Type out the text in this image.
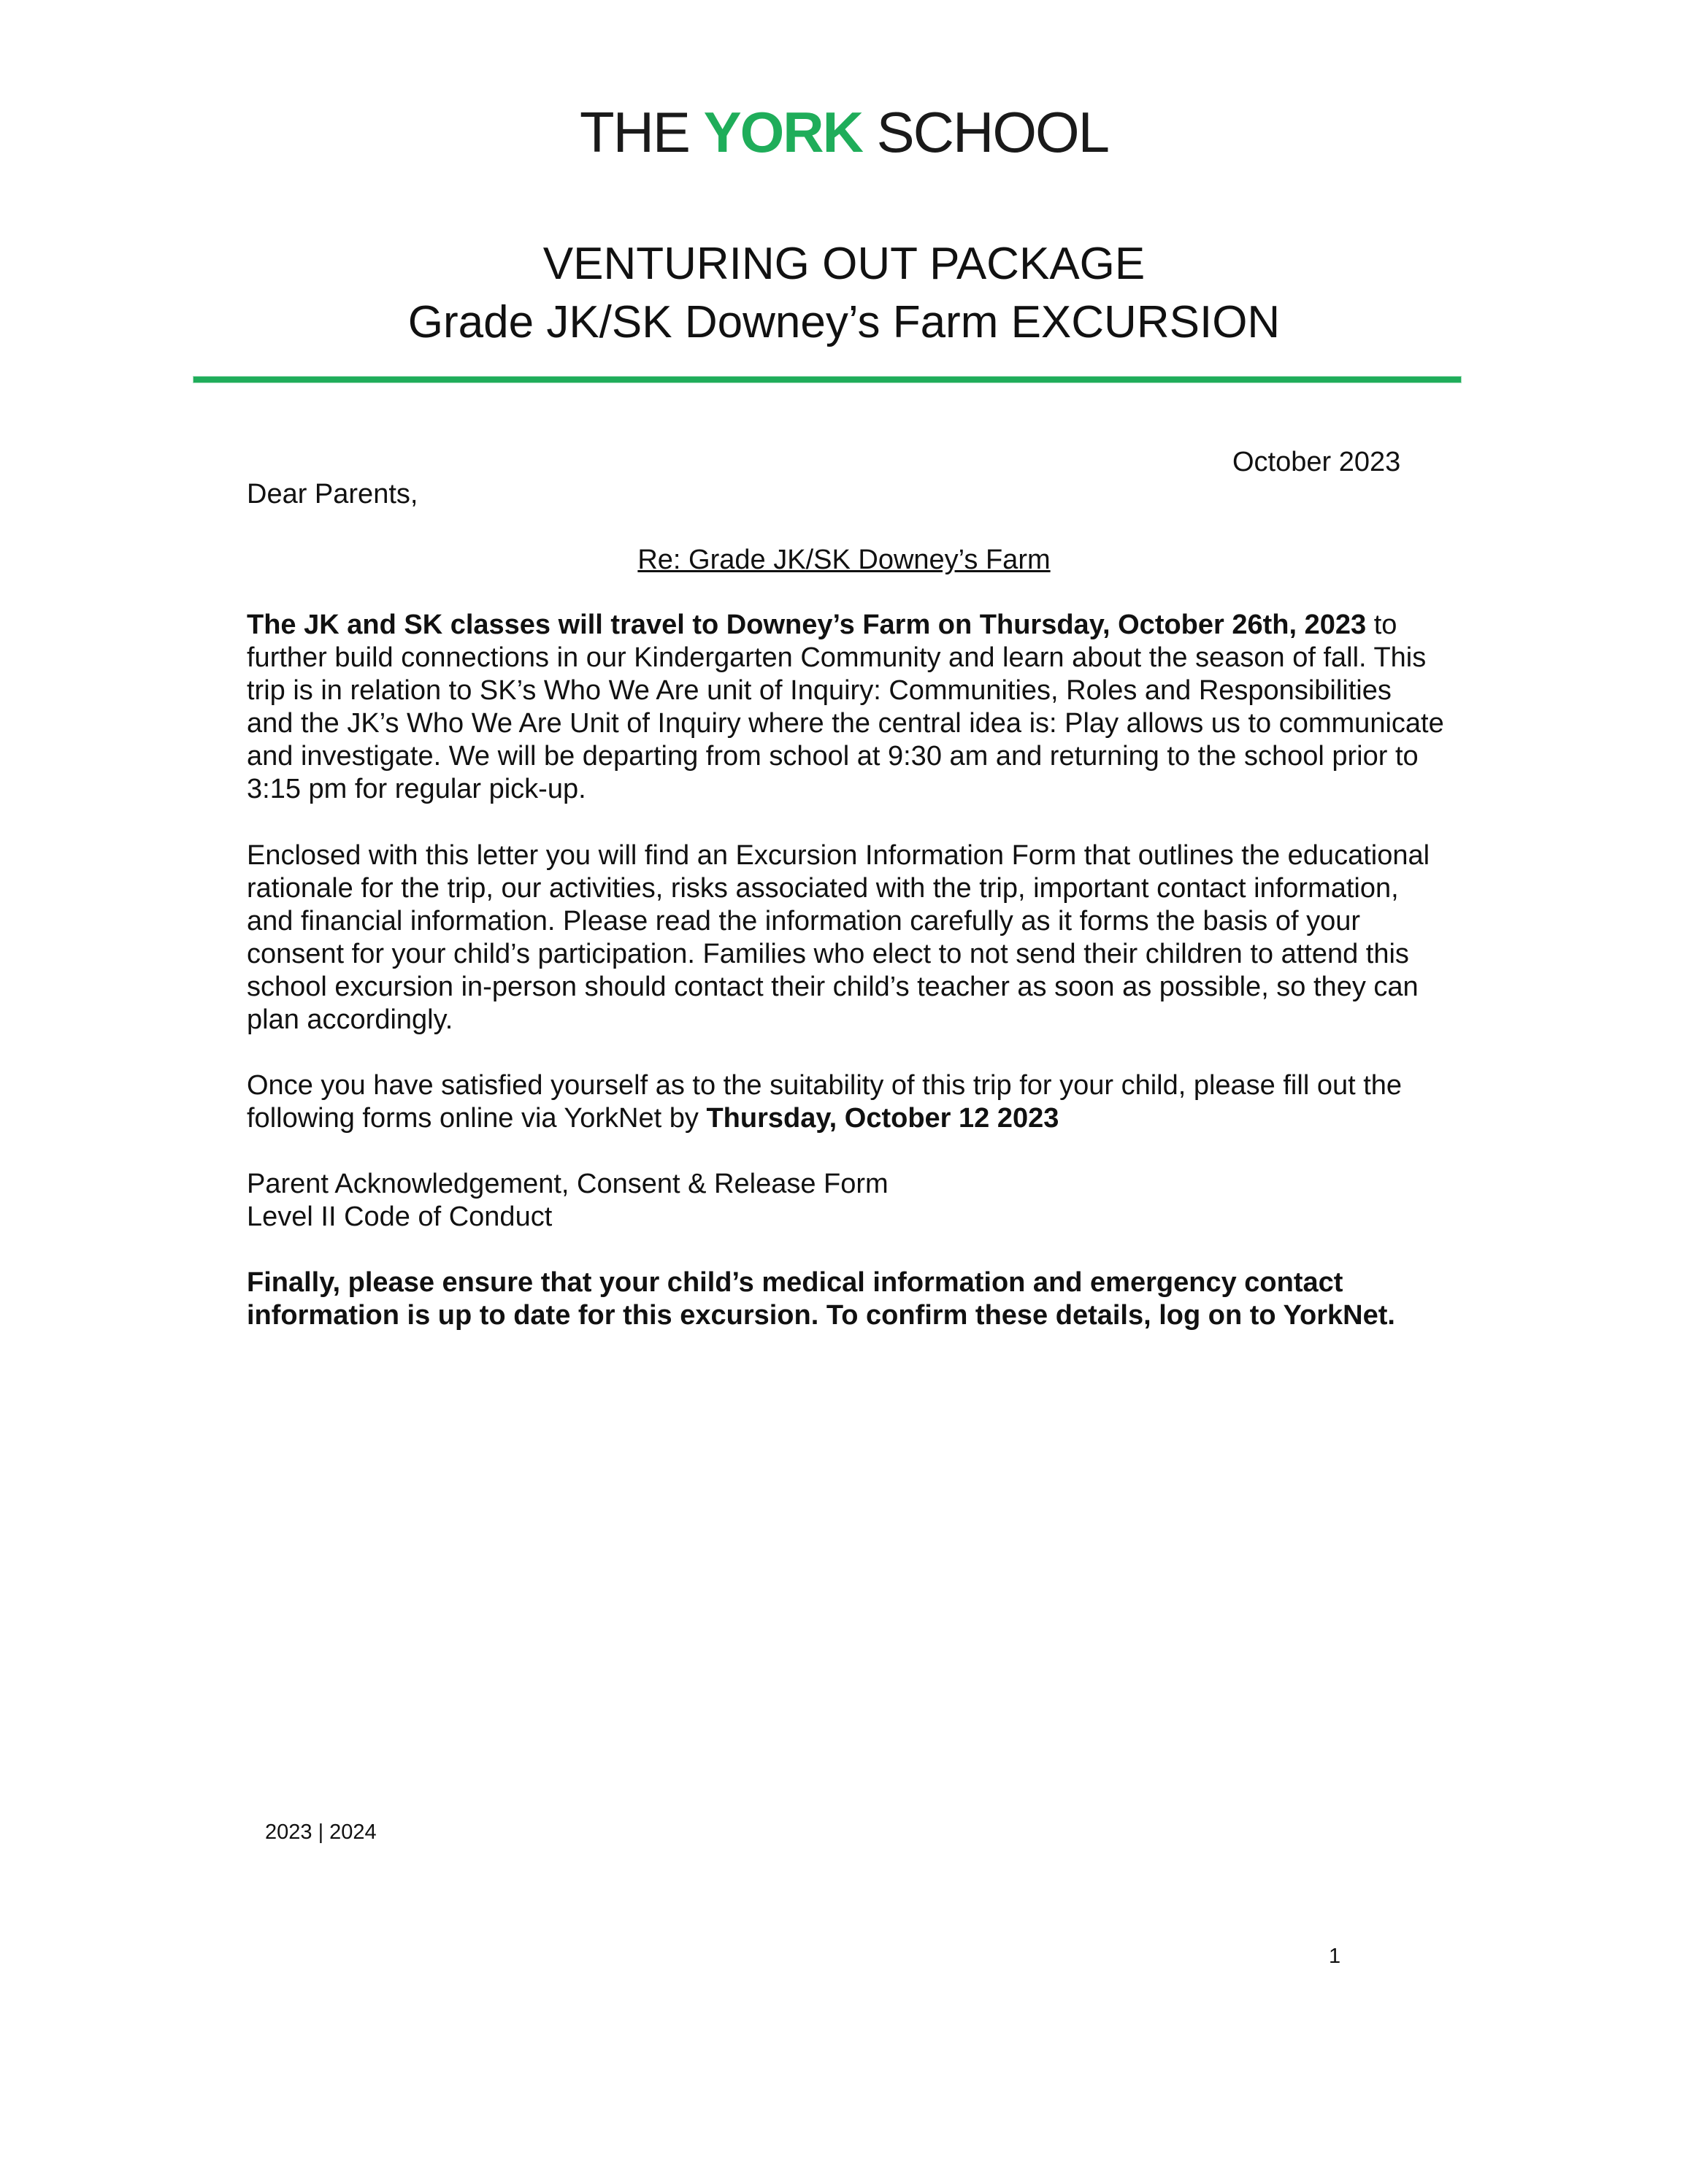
THE YORK SCHOOL
VENTURING OUT PACKAGE
Grade JK/SK Downey’s Farm EXCURSION
October 2023
Dear Parents,
Re: Grade JK/SK Downey’s Farm
The JK and SK classes will travel to Downey’s Farm on Thursday, October 26th, 2023 to
further build connections in our Kindergarten Community and learn about the season of fall. This
trip is in relation to SK’s Who We Are unit of Inquiry: Communities, Roles and Responsibilities
and the JK’s Who We Are Unit of Inquiry where the central idea is: Play allows us to communicate
and investigate. We will be departing from school at 9:30 am and returning to the school prior to
3:15 pm for regular pick-up.
Enclosed with this letter you will find an Excursion Information Form that outlines the educational
rationale for the trip, our activities, risks associated with the trip, important contact information,
and financial information. Please read the information carefully as it forms the basis of your
consent for your child’s participation. Families who elect to not send their children to attend this
school excursion in-person should contact their child’s teacher as soon as possible, so they can
plan accordingly.
Once you have satisfied yourself as to the suitability of this trip for your child, please fill out the
following forms online via YorkNet by Thursday, October 12 2023
Parent Acknowledgement, Consent & Release Form
Level II Code of Conduct
Finally, please ensure that your child’s medical information and emergency contact
information is up to date for this excursion. To confirm these details, log on to YorkNet.
2023 | 2024
1
